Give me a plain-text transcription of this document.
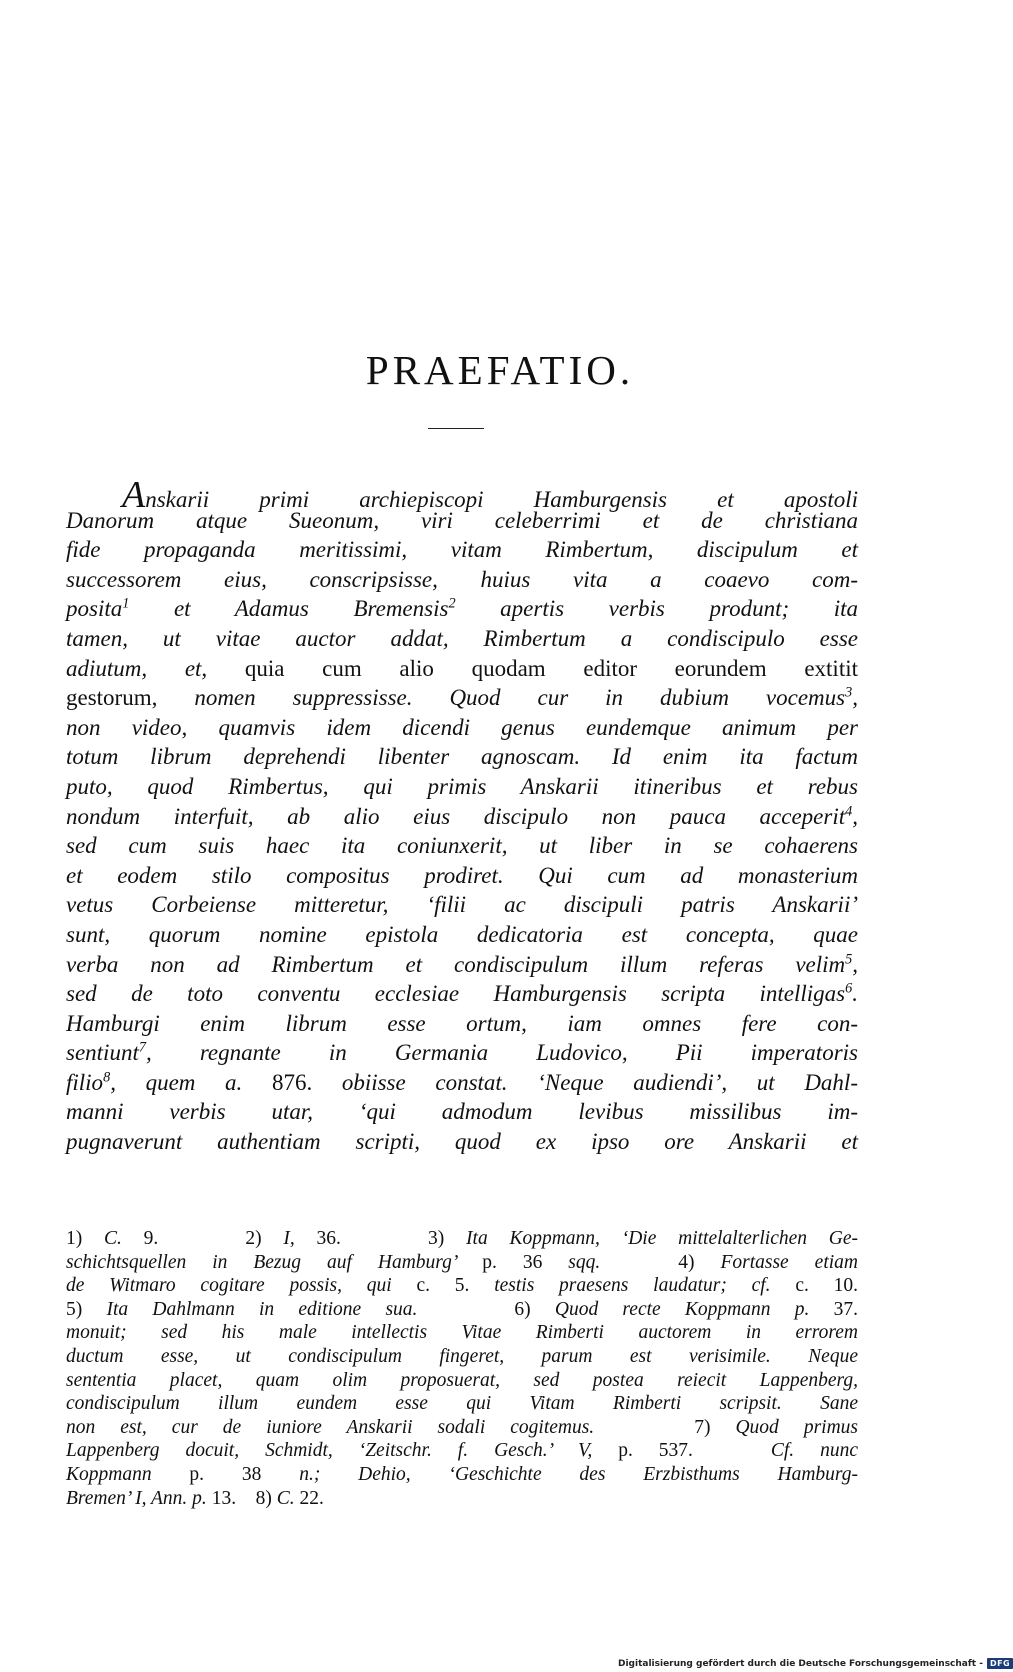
PRAEFATIO.
Anskarii primi archiepiscopi Hamburgensis et apostoli
Danorum atque Sueonum, viri celeberrimi et de christiana
fide propaganda meritissimi, vitam Rimbertum, discipulum et
successorem eius, conscripsisse, huius vita a coaevo com-
posita$^1$ et Adamus Bremensis$^2$ apertis verbis produnt; ita
tamen, ut vitae auctor addat, Rimbertum a condiscipulo esse
adiutum, et, quia cum alio quodam editor eorundem extitit
gestorum, nomen suppressisse. Quod cur in dubium vocemus$^3$,
non video, quamvis idem dicendi genus eundemque animum per
totum librum deprehendi libenter agnoscam. Id enim ita factum
puto, quod Rimbertus, qui primis Anskarii itineribus et rebus
nondum interfuit, ab alio eius discipulo non pauca acceperit$^4$,
sed cum suis haec ita coniunxerit, ut liber in se cohaerens
et eodem stilo compositus prodiret. Qui cum ad monasterium
vetus Corbeiense mitteretur, ‘filii ac discipuli patris Anskarii’
sunt, quorum nomine epistola dedicatoria est concepta, quae
verba non ad Rimbertum et condiscipulum illum referas velim$^5$,
sed de toto conventu ecclesiae Hamburgensis scripta intelligas$^6$.
Hamburgi enim librum esse ortum, iam omnes fere con-
sentiunt$^7$, regnante in Germania Ludovico, Pii imperatoris
filio$^8$, quem a. 876. obiisse constat. ‘Neque audiendi’, ut Dahl-
manni verbis utar, ‘qui admodum levibus missilibus im-
pugnaverunt authentiam scripti, quod ex ipso ore Anskarii et
1) C. 9.    2) I, 36.    3) Ita Koppmann, ‘Die mittelalterlichen Ge-
schichtsquellen in Bezug auf Hamburg’ p. 36 sqq.   4) Fortasse etiam
de Witmaro cogitare possis, qui c. 5. testis praesens laudatur; cf. c. 10.
5) Ita Dahlmann in editione sua.    6) Quod recte Koppmann p. 37.
monuit; sed his male intellectis Vitae Rimberti auctorem in errorem
ductum esse, ut condiscipulum fingeret, parum est verisimile. Neque
sententia placet, quam olim proposuerat, sed postea reiecit Lappenberg,
condiscipulum illum eundem esse qui Vitam Rimberti scripsit. Sane
non est, cur de iuniore Anskarii sodali cogitemus.    7) Quod primus
Lappenberg docuit, Schmidt, ‘Zeitschr. f. Gesch.’ V, p. 537.   Cf. nunc
Koppmann p. 38 n.; Dehio, ‘Geschichte des Erzbisthums Hamburg-
Bremen’ I, Ann. p. 13. 8) C. 22.
Digitalisierung gefördert durch die Deutsche Forschungsgemeinschaft - DFG
